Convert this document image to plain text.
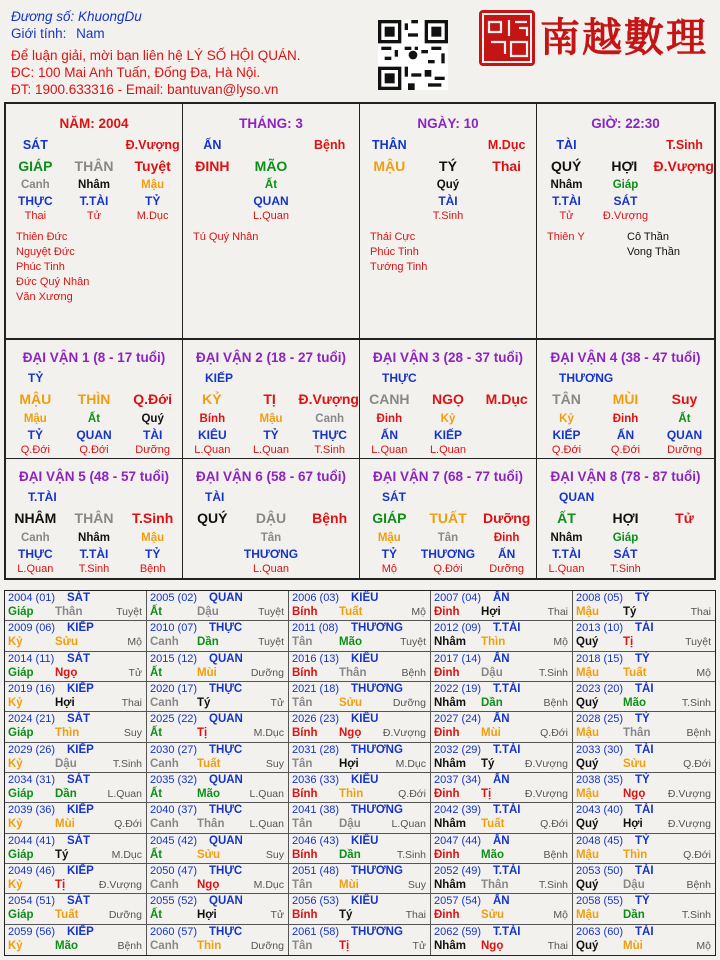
Đương số: KhuongDu
Giới tính: Nam
Để luận giải, mời bạn liên hệ LÝ SỐ HỘI QUÁN.
ĐC: 100 Mai Anh Tuấn, Đống Đa, Hà Nội.
ĐT: 1900.633316 - Email: bantuvan@lyso.vn
南越數理
NĂM: 2004
SÁT	Đ.Vượng
GIÁP	THÂN	Tuyệt
Canh	Nhâm	Mậu
THỰC	T.TÀI	TỶ
Thai	Tử	M.Dục
Thiên Đức
Nguyệt Đức
Phúc Tinh
Đức Quý Nhân
Văn Xương
THÁNG: 3
ẤN	Bệnh
ĐINH	MÃO
Ất
QUAN
L.Quan
Tú Quý Nhân
NGÀY: 10
THÂN	M.Dục
MẬU	TÝ	Thai
Quý
TÀI
T.Sinh
Thái Cực
Phúc Tinh
Tướng Tinh
GIỜ: 22:30
TÀI	T.Sinh
QUÝ	HỢI	Đ.Vượng
Nhâm	Giáp
T.TÀI	SÁT
Tử	Đ.Vượng
Thiên Y	Cô Thần
Vong Thần
ĐẠI VẬN 1 (8 - 17 tuổi)
TỶ
MẬU	THÌN	Q.Đới
Mậu	Ất	Quý
TỶ	QUAN	TÀI
Q.Đới	Q.Đới	Dưỡng
ĐẠI VẬN 2 (18 - 27 tuổi)
KIẾP
KỶ	TỊ	Đ.Vượng
Bính	Mậu	Canh
KIÊU	TỶ	THỰC
L.Quan	L.Quan	T.Sinh
ĐẠI VẬN 3 (28 - 37 tuổi)
THỰC
CANH	NGỌ	M.Dục
Đinh	Kỷ
ẤN	KIẾP
L.Quan	L.Quan
ĐẠI VẬN 4 (38 - 47 tuổi)
THƯƠNG
TÂN	MÙI	Suy
Kỷ	Đinh	Ất
KIẾP	ẤN	QUAN
Q.Đới	Q.Đới	Dưỡng
ĐẠI VẬN 5 (48 - 57 tuổi)
T.TÀI
NHÂM	THÂN	T.Sinh
Canh	Nhâm	Mậu
THỰC	T.TÀI	TỶ
L.Quan	T.Sinh	Bệnh
ĐẠI VẬN 6 (58 - 67 tuổi)
TÀI
QUÝ	DẬU	Bệnh
Tân
THƯƠNG
L.Quan
ĐẠI VẬN 7 (68 - 77 tuổi)
SÁT
GIÁP	TUẤT	Dưỡng
Mậu	Tân	Đinh
TỶ	THƯƠNG	ẤN
Mộ	Q.Đới	Dưỡng
ĐẠI VẬN 8 (78 - 87 tuổi)
QUAN
ẤT	HỢI	Tử
Nhâm	Giáp
T.TÀI	SÁT
L.Quan	T.Sinh
2004 (01) SÁT
Giáp Thân	Tuyệt
2005 (02) QUAN
Ất	Dậu	Tuyệt
2006 (03) KIÊU
Bính Tuất	Mộ
2007 (04) ẤN
Đinh Hợi	Thai
2008 (05) TỶ
Mậu Tý	Thai
2009 (06) KIẾP
Kỷ	Sửu	Mộ
2010 (07) THỰC
Canh Dần	Tuyệt
2011 (08) THƯƠNG
Tân Mão	Tuyệt
2012 (09) T.TÀI
Nhâm Thìn	Mộ
2013 (10) TÀI
Quý Tị	Tuyệt
2014 (11) SÁT
Giáp Ngọ	Tử
2015 (12) QUAN
Ất	Mùi	Dưỡng
2016 (13) KIÊU
Bính Thân	Bệnh
2017 (14) ẤN
Đinh Dậu	T.Sinh
2018 (15) TỶ
Mậu Tuất	Mộ
2019 (16) KIẾP
Kỷ	Hợi	Thai
2020 (17) THỰC
Canh Tý	Tử
2021 (18) THƯƠNG
Tân Sửu	Dưỡng
2022 (19) T.TÀI
Nhâm Dần	Bệnh
2023 (20) TÀI
Quý Mão	T.Sinh
2024 (21) SÁT
Giáp Thìn	Suy
2025 (22) QUAN
Ất	Tị	M.Dục
2026 (23) KIÊU
Bính Ngọ Đ.Vượng
2027 (24) ẤN
Đinh Mùi	Q.Đới
2028 (25) TỶ
Mậu Thân	Bệnh
2029 (26) KIẾP
Kỷ	Dậu	T.Sinh
2030 (27) THỰC
Canh Tuất	Suy
2031 (28) THƯƠNG
Tân Hợi	M.Dục
2032 (29) T.TÀI
Nhâm Tý	Đ.Vượng
2033 (30) TÀI
Quý Sửu	Q.Đới
2034 (31) SÁT
Giáp Dần	L.Quan
2035 (32) QUAN
Ất	Mão	L.Quan
2036 (33) KIÊU
Bính Thìn	Q.Đới
2037 (34) ẤN
Đinh Tị	Đ.Vượng
2038 (35) TỶ
Mậu Ngọ Đ.Vượng
2039 (36) KIẾP
Kỷ	Mùi	Q.Đới
2040 (37) THỰC
Canh Thân L.Quan
2041 (38) THƯƠNG
Tân Dậu	L.Quan
2042 (39) T.TÀI
Nhâm Tuất	Q.Đới
2043 (40) TÀI
Quý Hợi Đ.Vượng
2044 (41) SÁT
Giáp Tý	M.Dục
2045 (42) QUAN
Ất	Sửu	Suy
2046 (43) KIÊU
Bính Dần	T.Sinh
2047 (44) ẤN
Đinh Mão	Bệnh
2048 (45) TỶ
Mậu Thìn	Q.Đới
2049 (46) KIẾP
Kỷ	Tị	Đ.Vượng
2050 (47) THỰC
Canh Ngọ	M.Dục
2051 (48) THƯƠNG
Tân Mùi	Suy
2052 (49) T.TÀI
Nhâm Thân	T.Sinh
2053 (50) TÀI
Quý Dậu	Bệnh
2054 (51) SÁT
Giáp Tuất	Dưỡng
2055 (52) QUAN
Ất	Hợi	Tử
2056 (53) KIÊU
Bính Tý	Thai
2057 (54) ẤN
Đinh Sửu	Mộ
2058 (55) TỶ
Mậu Dần	T.Sinh
2059 (56) KIẾP
Kỷ	Mão	Bệnh
2060 (57) THỰC
Canh Thìn	Dưỡng
2061 (58) THƯƠNG
Tân Tị	Tử
2062 (59) T.TÀI
Nhâm Ngọ	Thai
2063 (60) TÀI
Quý Mùi	Mộ
